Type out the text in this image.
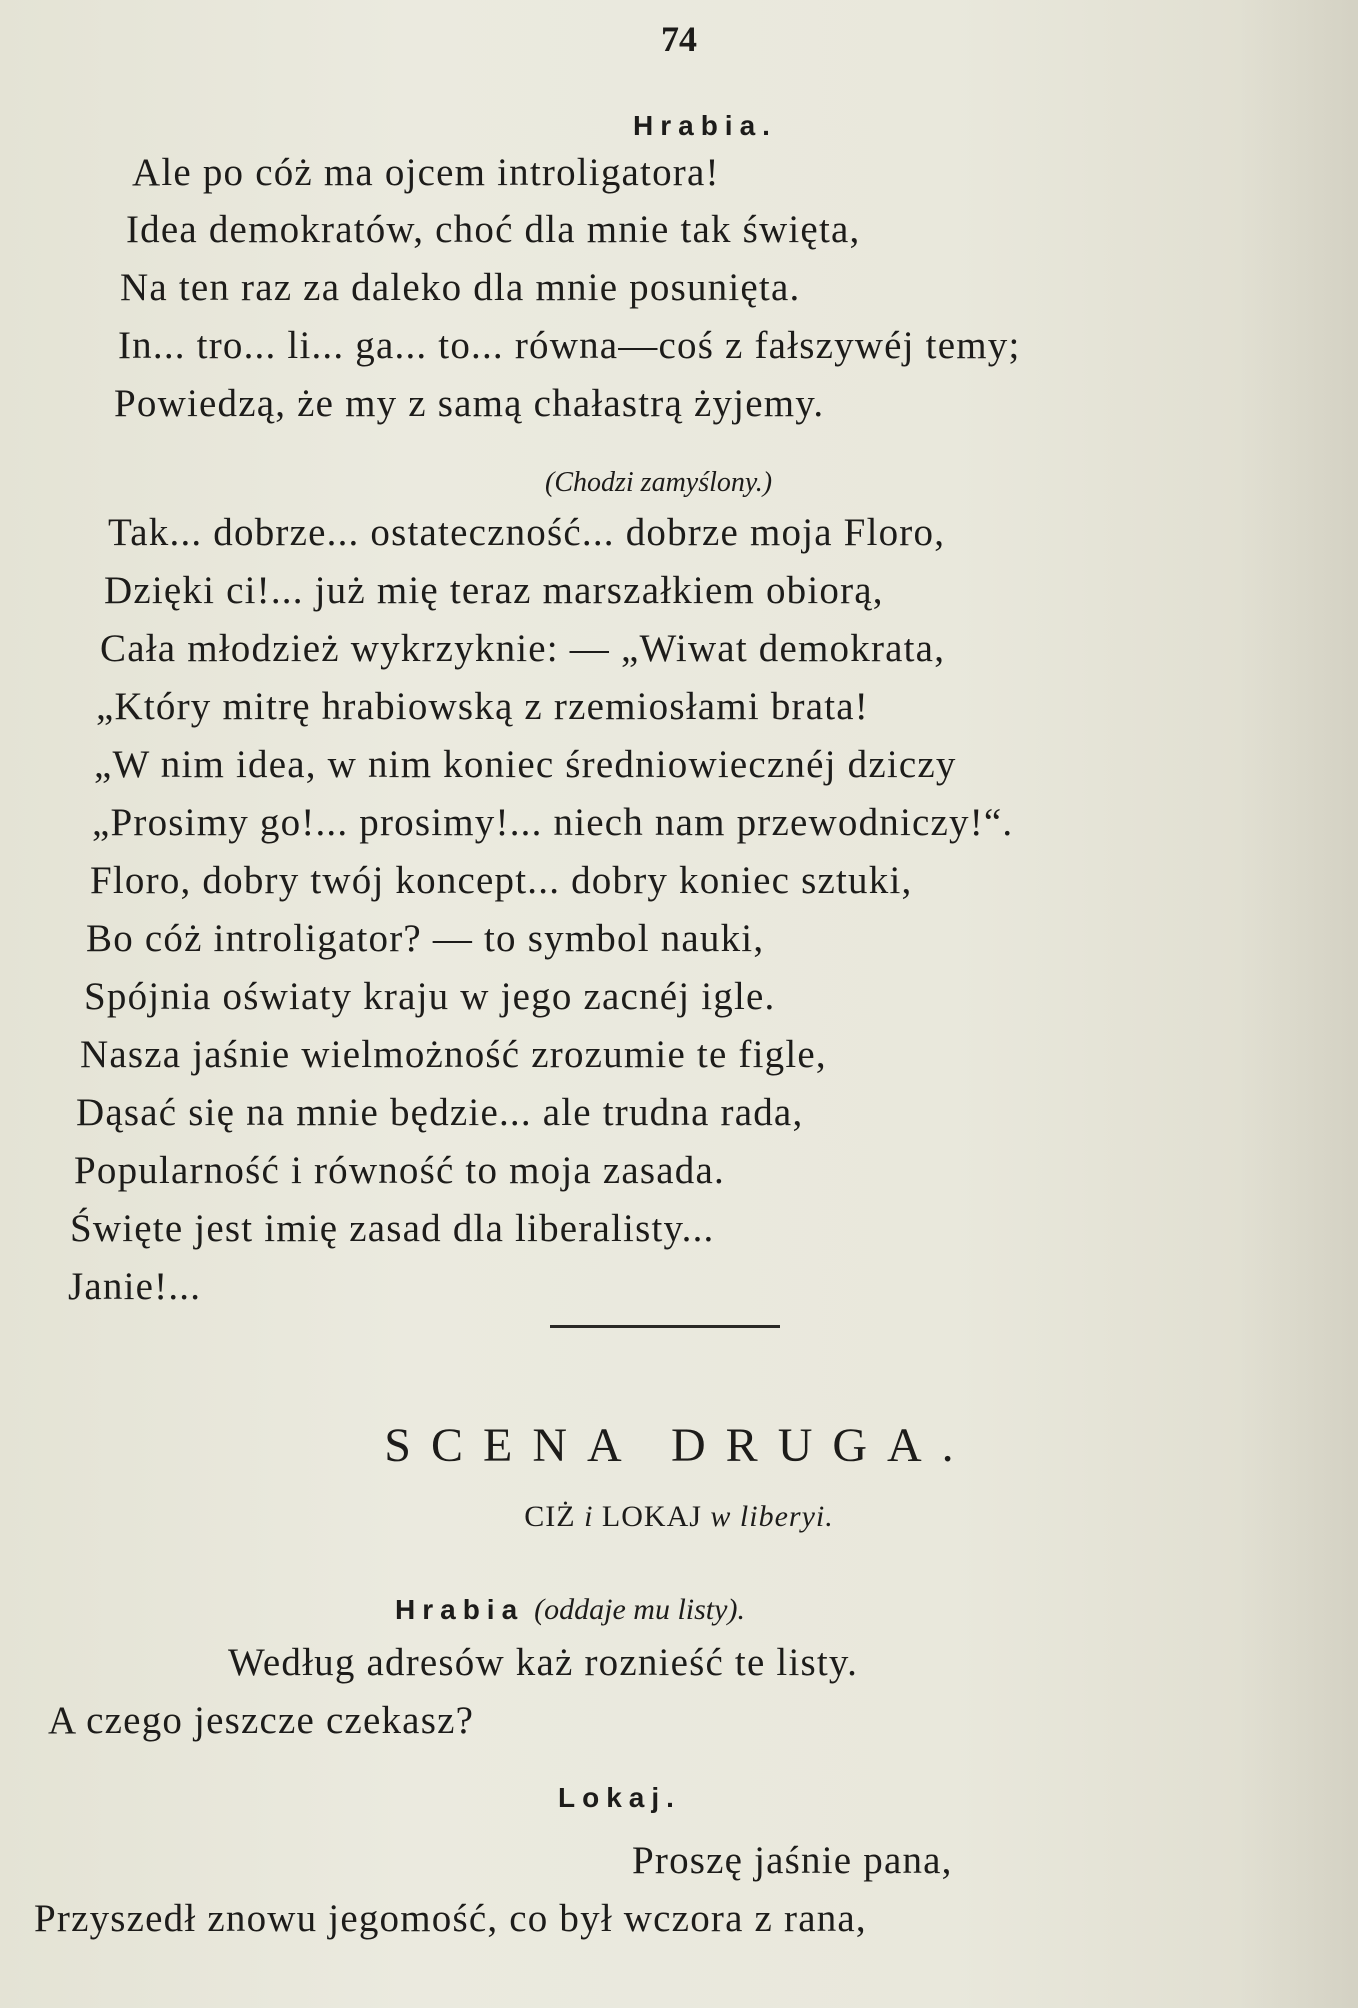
74
Hrabia.
Ale po cóż ma ojcem introligatora!
Idea demokratów, choć dla mnie tak święta,
Na ten raz za daleko dla mnie posunięta.
In... tro... li... ga... to... równa—coś z fałszywéj temy;
Powiedzą, że my z samą chałastrą żyjemy.
(Chodzi zamyślony.)
Tak... dobrze... ostateczność... dobrze moja Floro,
Dzięki ci!... już mię teraz marszałkiem obiorą,
Cała młodzież wykrzyknie: — „Wiwat demokrata,
„Który mitrę hrabiowską z rzemiosłami brata!
„W nim idea, w nim koniec średniowiecznéj dziczy
„Prosimy go!... prosimy!... niech nam przewodniczy!“.
Floro, dobry twój koncept... dobry koniec sztuki,
Bo cóż introligator? — to symbol nauki,
Spójnia oświaty kraju w jego zacnéj igle.
Nasza jaśnie wielmożność zrozumie te figle,
Dąsać się na mnie będzie... ale trudna rada,
Popularność i równość to moja zasada.
Święte jest imię zasad dla liberalisty...
Janie!...
SCENA DRUGA.
CIŻ i LOKAJ w liberyi.
Hrabia (oddaje mu listy).
Według adresów każ roznieść te listy.
A czego jeszcze czekasz?
Lokaj.
Proszę jaśnie pana,
Przyszedł znowu jegomość, co był wczora z rana,
